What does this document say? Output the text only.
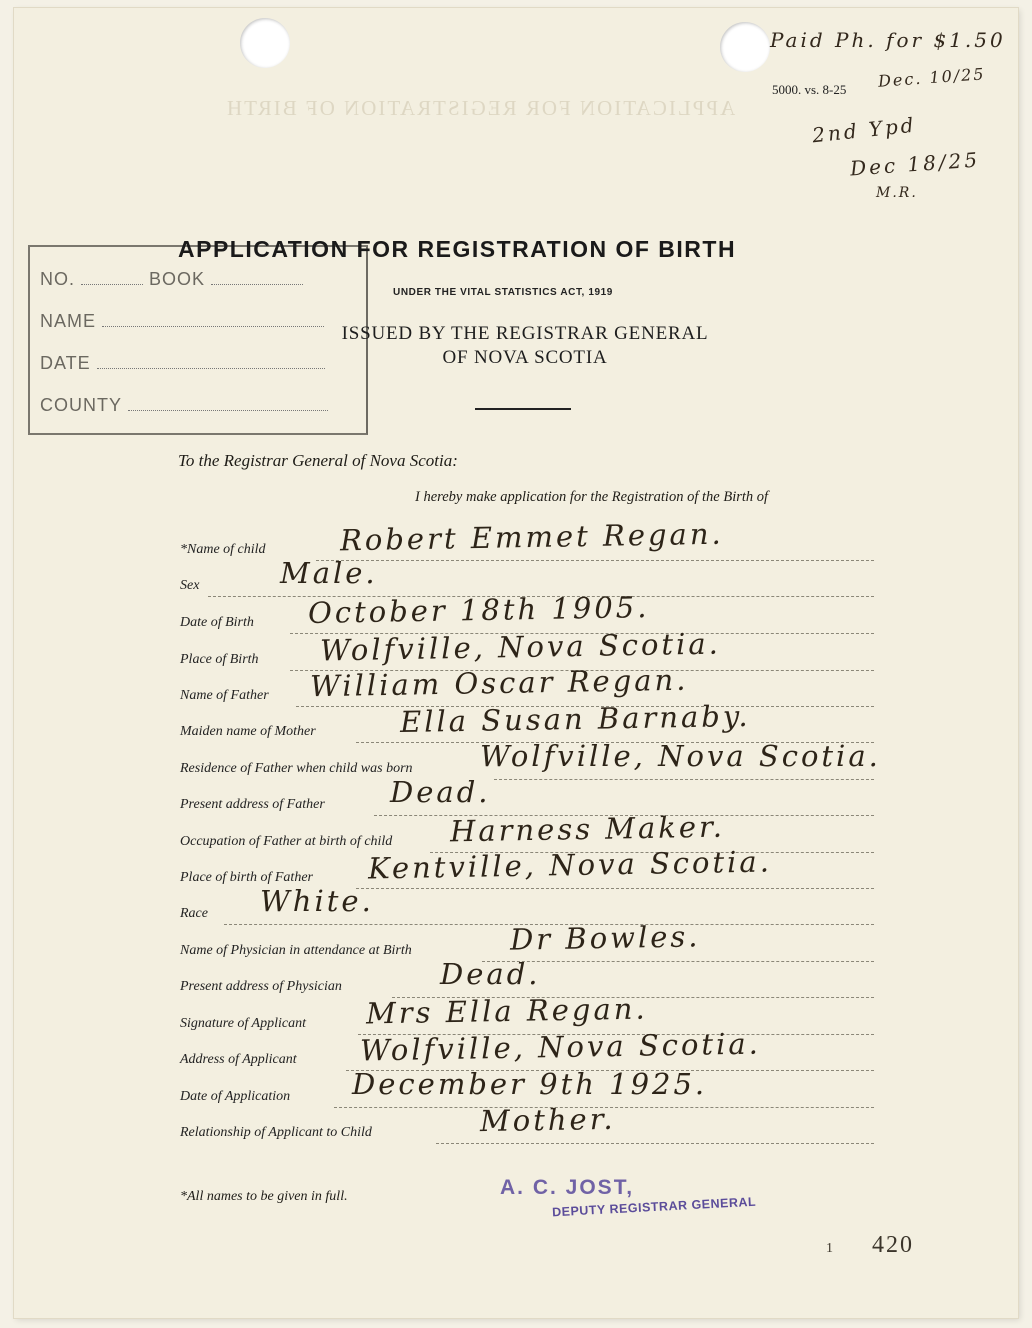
Paid Ph. for $1.50
5000. vs. 8-25 Dec. 10/25
2nd Ypd
Dec 18/25
M.R.
APPLICATION FOR REGISTRATION OF BIRTH
NO.	BOOK
NAME
DATE
COUNTY
APPLICATION FOR REGISTRATION OF BIRTH
UNDER THE VITAL STATISTICS ACT, 1919
ISSUED BY THE REGISTRAR GENERAL
OF NOVA SCOTIA
To the Registrar General of Nova Scotia:
I hereby make application for the Registration of the Birth of
*Name of child	Robert Emmet Regan.
Sex	Male.
Date of Birth October 18th 1905.
Place of Birth Wolfville, Nova Scotia.
Name of Father William Oscar Regan.
Maiden name of Mother	Ella Susan Barnaby.
Residence of Father when child was born Wolfville, Nova Scotia.
Present address of Father Dead.
Occupation of Father at birth of child Harness Maker.
Place of birth of Father Kentville, Nova Scotia.
Race White.
Name of Physician in attendance at Birth	Dr Bowles.
Present address of Physician	Dead.
Signature of Applicant Mrs Ella Regan.
Address of Applicant Wolfville, Nova Scotia.
Date of Application December 9th 1925.
Relationship of Applicant to Child	Mother.
*All names to be given in full.	A. C. JOST,
DEPUTY REGISTRAR GENERAL
1 420
